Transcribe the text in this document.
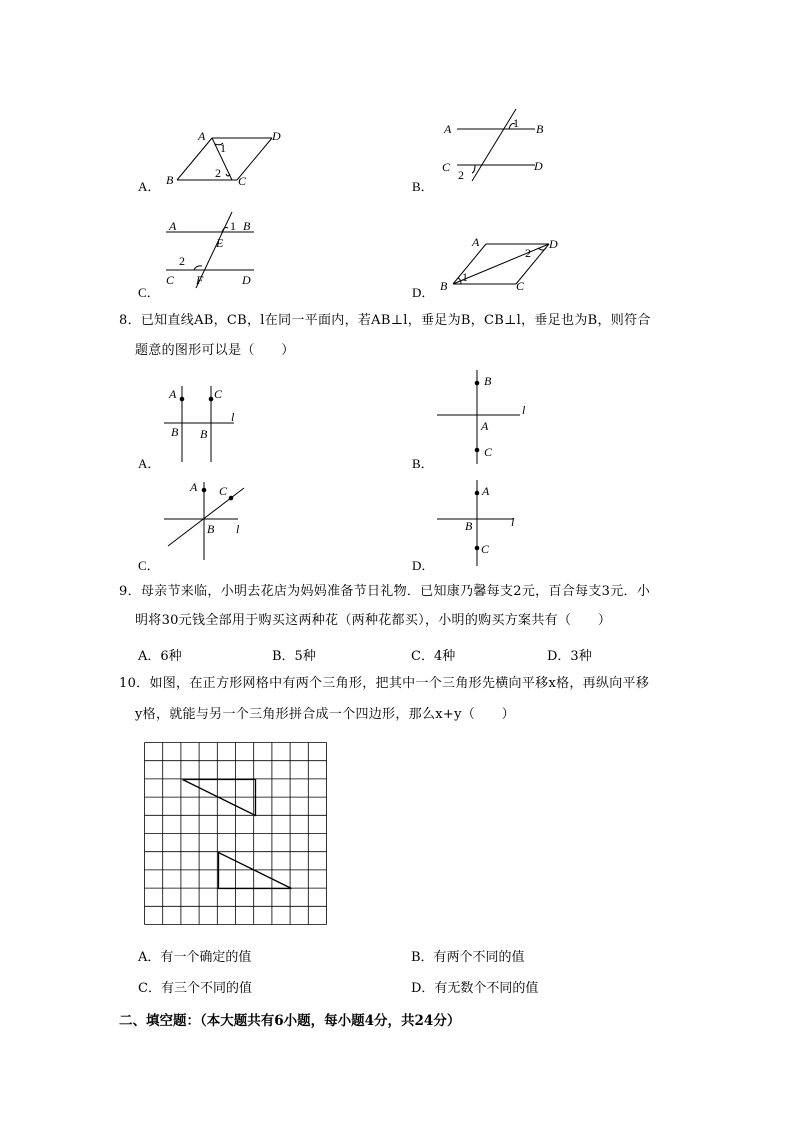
A．
A	D
B	C
1
2
B．
A	B
C	D
1
2
C．
A	B
E
C F	D
1
2
D．
A	D
B	C
1
2
8．已知直线AB，CB，l在同一平面内，若AB⊥l，垂足为B，CB⊥l，垂足也为B，则符合
题意的图形可以是（　　）
A．
A	C
B B
l
B．
B
A
C
l
C．
A C
B l
D．
A
B
C
l
9．母亲节来临，小明去花店为妈妈准备节日礼物．已知康乃馨每支2元，百合每支3元．小
明将30元钱全部用于购买这两种花（两种花都买），小明的购买方案共有（　　）
A．6种	B．5种	C．4种	D．3种
10．如图，在正方形网格中有两个三角形，把其中一个三角形先横向平移x格，再纵向平移
y格，就能与另一个三角形拼合成一个四边形，那么x+y（　　）
A．有一个确定的值	B．有两个不同的值
C．有三个不同的值	D．有无数个不同的值
二、填空题：（本大题共有6小题，每小题4分，共24分）
